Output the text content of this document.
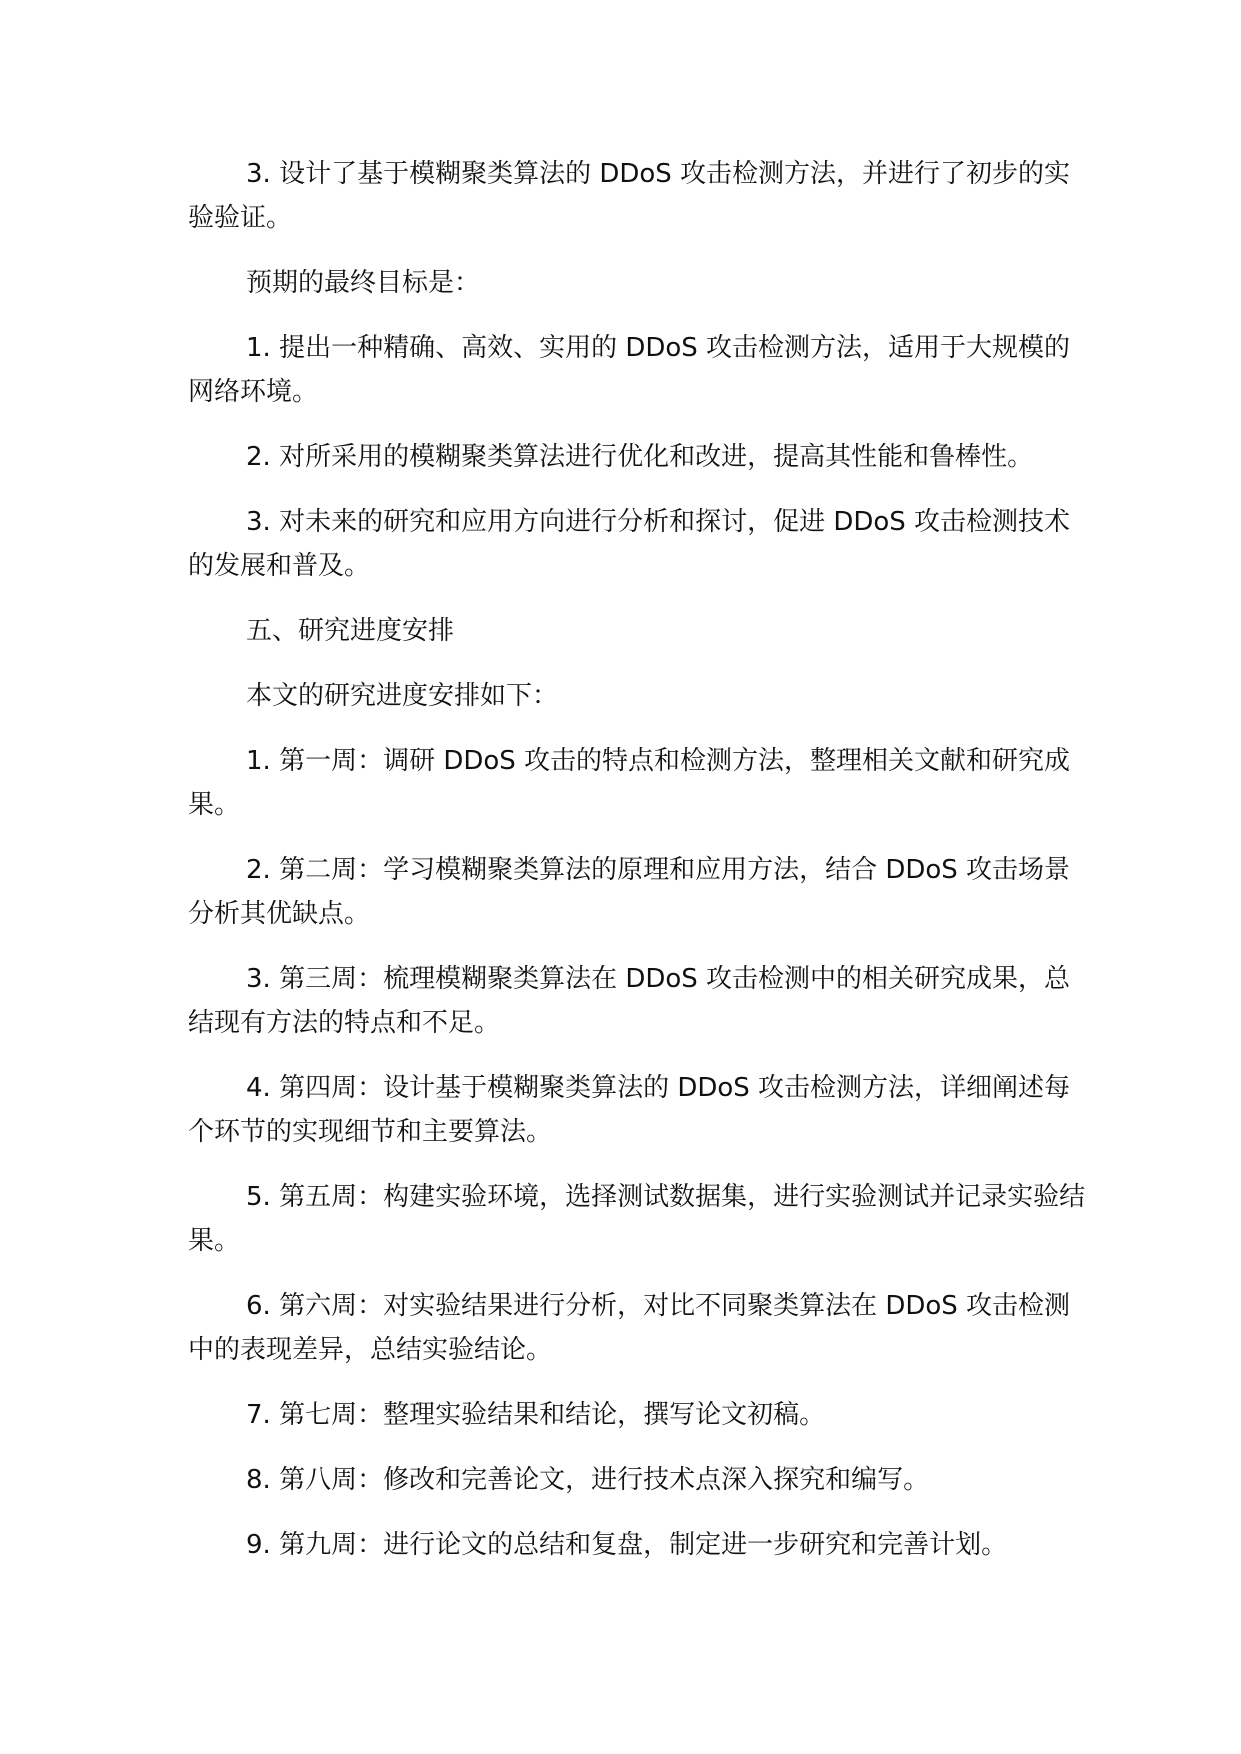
3. 设计了基于模糊聚类算法的 DDoS 攻击检测方法，并进行了初步的实验验证。

预期的最终目标是：

1. 提出一种精确、高效、实用的 DDoS 攻击检测方法，适用于大规模的网络环境。

2. 对所采用的模糊聚类算法进行优化和改进，提高其性能和鲁棒性。

3. 对未来的研究和应用方向进行分析和探讨，促进 DDoS 攻击检测技术的发展和普及。

五、研究进度安排

本文的研究进度安排如下：

1. 第一周：调研 DDoS 攻击的特点和检测方法，整理相关文献和研究成果。

2. 第二周：学习模糊聚类算法的原理和应用方法，结合 DDoS 攻击场景分析其优缺点。

3. 第三周：梳理模糊聚类算法在 DDoS 攻击检测中的相关研究成果，总结现有方法的特点和不足。

4. 第四周：设计基于模糊聚类算法的 DDoS 攻击检测方法，详细阐述每个环节的实现细节和主要算法。

5. 第五周：构建实验环境，选择测试数据集，进行实验测试并记录实验结果。

6. 第六周：对实验结果进行分析，对比不同聚类算法在 DDoS 攻击检测中的表现差异，总结实验结论。

7. 第七周：整理实验结果和结论，撰写论文初稿。

8. 第八周：修改和完善论文，进行技术点深入探究和编写。

9. 第九周：进行论文的总结和复盘，制定进一步研究和完善计划。
